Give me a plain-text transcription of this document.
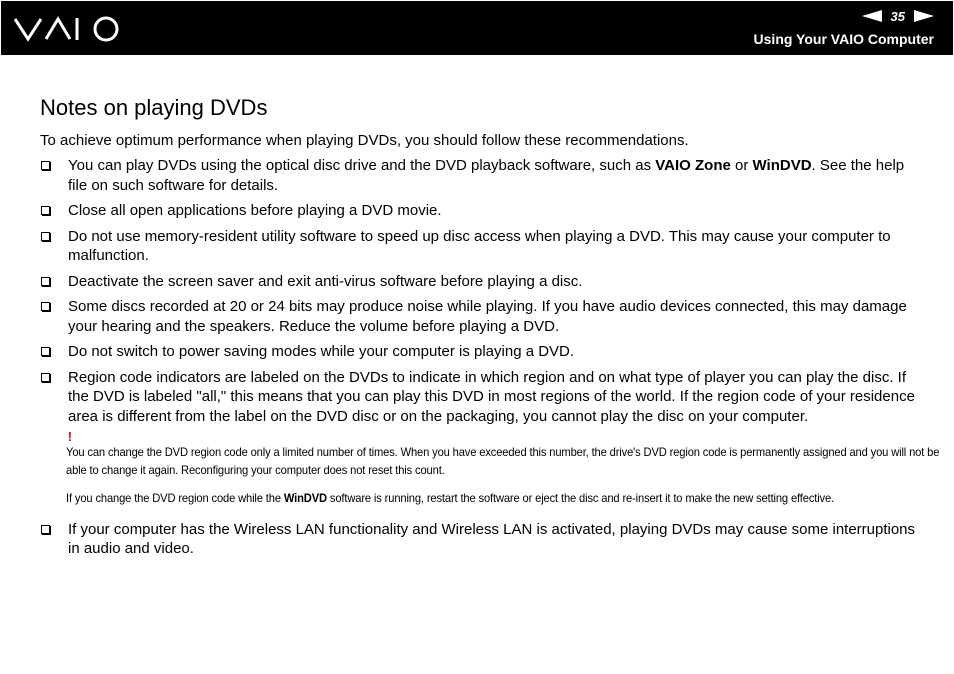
35
Using Your VAIO Computer
Notes on playing DVDs

To achieve optimum performance when playing DVDs, you should follow these recommendations.

You can play DVDs using the optical disc drive and the DVD playback software, such as VAIO Zone or WinDVD. See the help file on such software for details.
Close all open applications before playing a DVD movie.
Do not use memory-resident utility software to speed up disc access when playing a DVD. This may cause your computer to malfunction.
Deactivate the screen saver and exit anti-virus software before playing a disc.
Some discs recorded at 20 or 24 bits may produce noise while playing. If you have audio devices connected, this may damage your hearing and the speakers. Reduce the volume before playing a DVD.
Do not switch to power saving modes while your computer is playing a DVD.
Region code indicators are labeled on the DVDs to indicate in which region and on what type of player you can play the disc. If the DVD is labeled "all," this means that you can play this DVD in most regions of the world. If the region code of your residence area is different from the label on the DVD disc or on the packaging, you cannot play the disc on your computer.
!

You can change the DVD region code only a limited number of times. When you have exceeded this number, the drive's DVD region code is permanently assigned and you will not be able to change it again. Reconfiguring your computer does not reset this count.

If you change the DVD region code while the WinDVD software is running, restart the software or eject the disc and re-insert it to make the new setting effective.

If your computer has the Wireless LAN functionality and Wireless LAN is activated, playing DVDs may cause some interruptions in audio and video.
